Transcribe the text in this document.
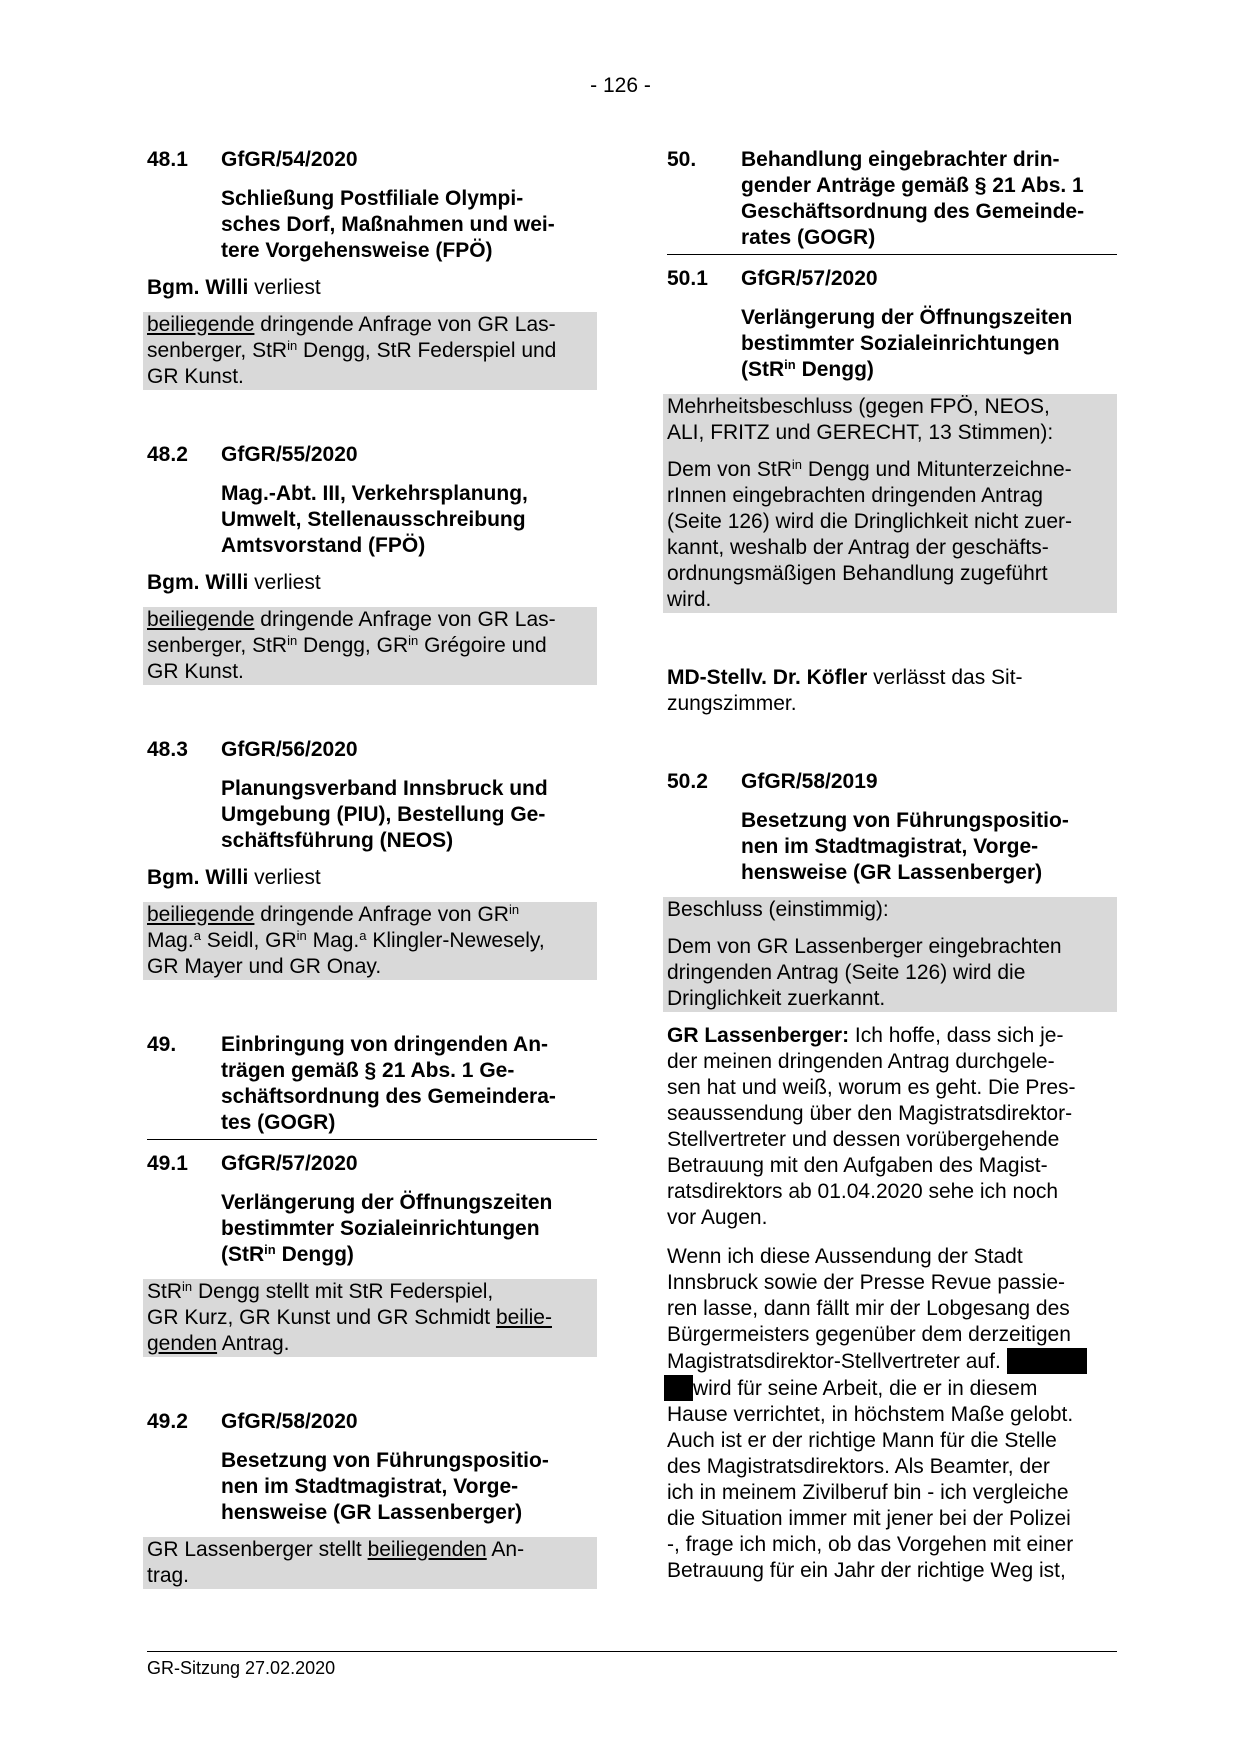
- 126 -
48.1	GfGR/54/2020
Schließung Postfiliale Olympi-
sches Dorf, Maßnahmen und wei-
tere Vorgehensweise (FPÖ)
Bgm. Willi verliest
beiliegende dringende Anfrage von GR Las-
senberger, StR$^{in}$ Dengg, StR Federspiel und
GR Kunst.
48.2	GfGR/55/2020
Mag.-Abt. III, Verkehrsplanung,
Umwelt, Stellenausschreibung
Amtsvorstand (FPÖ)
Bgm. Willi verliest
beiliegende dringende Anfrage von GR Las-
senberger, StR$^{in}$ Dengg, $GR^{in}$ Grégoire und
GR Kunst.
48.3	GfGR/56/2020
Planungsverband Innsbruck und
Umgebung (PIU), Bestellung Ge-
schäftsführung (NEOS)
Bgm. Willi verliest
beiliegende dringende Anfrage von $GR^{in}$
Mag.$^a$ Seidl, $GR^{in}$ Mag.$^a$ Klingler-Newesely,
GR Mayer und GR Onay.
49.	Einbringung von dringenden An-
trägen gemäß § 21 Abs. 1 Ge-
schäftsordnung des Gemeindera-
tes (GOGR)
49.1	GfGR/57/2020
Verlängerung der Öffnungszeiten
bestimmter Sozialeinrichtungen
(StR$^{in}$ Dengg)
StR$^{in}$ Dengg stellt mit StR Federspiel,
GR Kurz, GR Kunst und GR Schmidt beilie-
genden Antrag.
49.2	GfGR/58/2020
Besetzung von Führungspositio-
nen im Stadtmagistrat, Vorge-
hensweise (GR Lassenberger)
GR Lassenberger stellt beiliegenden An-
trag.
50.	Behandlung eingebrachter drin-
gender Anträge gemäß § 21 Abs. 1
Geschäftsordnung des Gemeinde-
rates (GOGR)
50.1	GfGR/57/2020
Verlängerung der Öffnungszeiten
bestimmter Sozialeinrichtungen
(StR$^{in}$ Dengg)

Mehrheitsbeschluss (gegen FPÖ, NEOS,
ALI, FRITZ und GERECHT, 13 Stimmen):

Dem von StR$^{in}$ Dengg und Mitunterzeichne-
rInnen eingebrachten dringenden Antrag
(Seite 126) wird die Dringlichkeit nicht zuer-
kannt, weshalb der Antrag der geschäfts-
ordnungsmäßigen Behandlung zugeführt
wird.

MD-Stellv. Dr. Köfler verlässt das Sit-
zungszimmer.
50.2	GfGR/58/2019
Besetzung von Führungspositio-
nen im Stadtmagistrat, Vorge-
hensweise (GR Lassenberger)

Beschluss (einstimmig):

Dem von GR Lassenberger eingebrachten
dringenden Antrag (Seite 126) wird die
Dringlichkeit zuerkannt.

GR Lassenberger: Ich hoffe, dass sich je-
der meinen dringenden Antrag durchgele-
sen hat und weiß, worum es geht. Die Pres-
seaussendung über den Magistratsdirektor-
Stellvertreter und dessen vorübergehende
Betrauung mit den Aufgaben des Magist-
ratsdirektors ab 01.04.2020 sehe ich noch
vor Augen.
Wenn ich diese Aussendung der Stadt
Innsbruck sowie der Presse Revue passie-
ren lasse, dann fällt mir der Lobgesang des
Bürgermeisters gegenüber dem derzeitigen
Magistratsdirektor-Stellvertreter auf.
wird für seine Arbeit, die er in diesem
Hause verrichtet, in höchstem Maße gelobt.
Auch ist er der richtige Mann für die Stelle
des Magistratsdirektors. Als Beamter, der
ich in meinem Zivilberuf bin - ich vergleiche
die Situation immer mit jener bei der Polizei
-, frage ich mich, ob das Vorgehen mit einer
Betrauung für ein Jahr der richtige Weg ist,
GR-Sitzung 27.02.2020
